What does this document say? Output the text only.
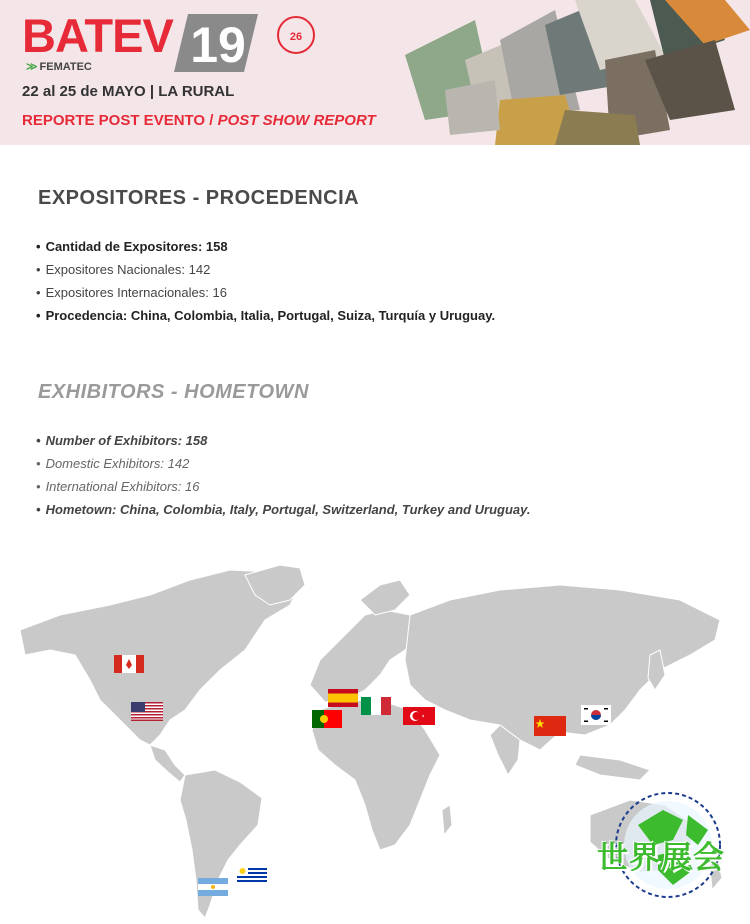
BATEV 19	26
≫ FEMATEC
22 al 25 de MAYO | LA RURAL
REPORTE POST EVENTO / POST SHOW REPORT
EXPOSITORES - PROCEDENCIA
• Cantidad de Expositores: 158
• Expositores Nacionales: 142
• Expositores Internacionales: 16
• Procedencia: China, Colombia, Italia, Portugal, Suiza, Turquía y Uruguay.
EXHIBITORS - HOMETOWN
• Number of Exhibitors: 158
• Domestic Exhibitors: 142
• International Exhibitors: 16
• Hometown: China, Colombia, Italy, Portugal, Switzerland, Turkey and Uruguay.
世界展会
